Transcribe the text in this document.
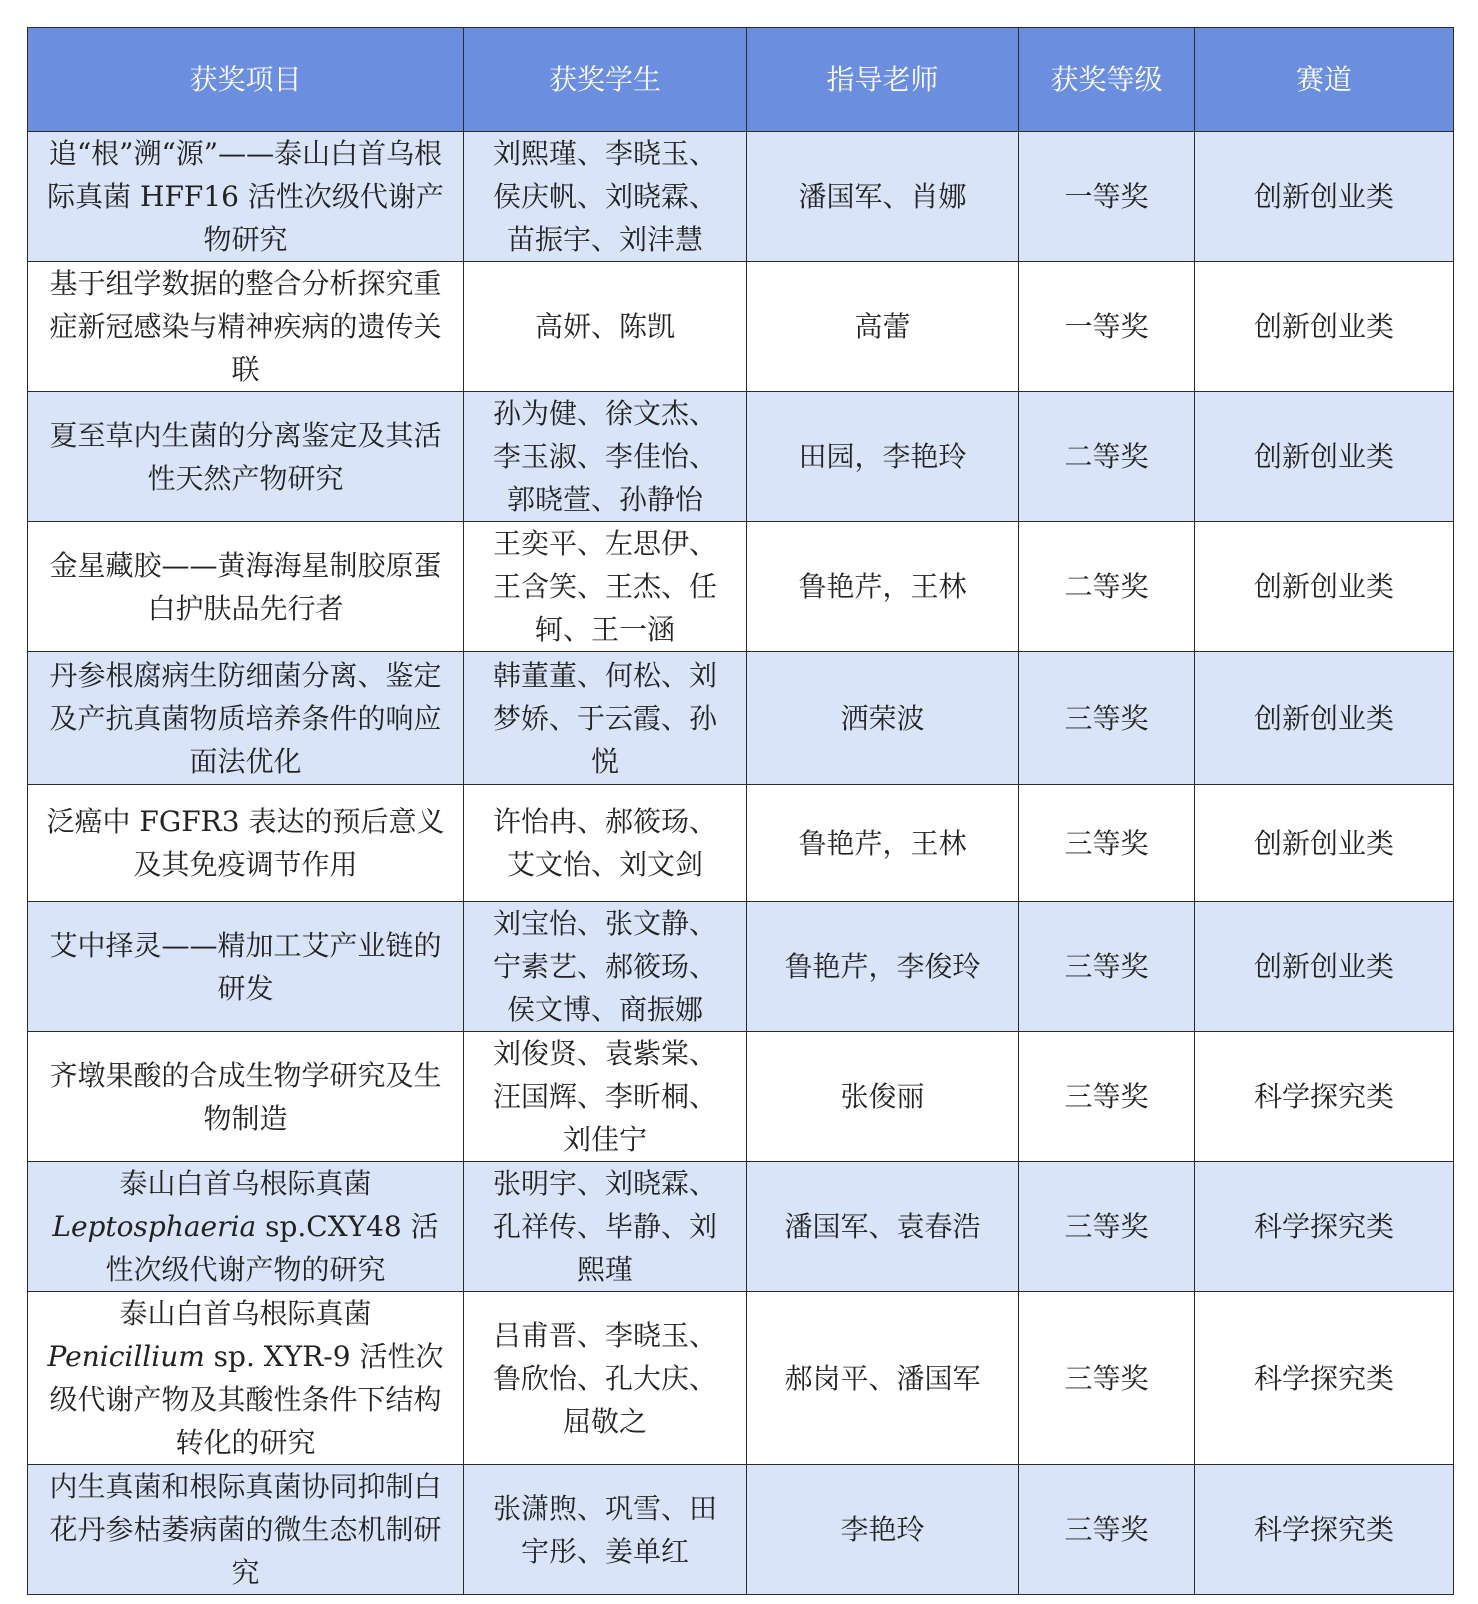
获奖项目	获奖学生	指导老师	获奖等级	赛道
追“根”溯“源”——泰山白首乌根际真菌 HFF16 活性次级代谢产物研究	刘熙瑾、李晓玉、侯庆帆、刘晓霖、苗振宇、刘沣慧	潘国军、肖娜	一等奖	创新创业类
基于组学数据的整合分析探究重症新冠感染与精神疾病的遗传关联	高妍、陈凯	高蕾	一等奖	创新创业类
夏至草内生菌的分离鉴定及其活性天然产物研究	孙为健、徐文杰、李玉淑、李佳怡、郭晓萱、孙静怡	田园，李艳玲	二等奖	创新创业类
金星藏胶——黄海海星制胶原蛋白护肤品先行者	王奕平、左思伊、王含笑、王杰、任轲、王一涵	鲁艳芹，王林	二等奖	创新创业类
丹参根腐病生防细菌分离、鉴定及产抗真菌物质培养条件的响应面法优化	韩董董、何松、刘梦娇、于云霞、孙悦	洒荣波	三等奖	创新创业类
泛癌中 FGFR3 表达的预后意义及其免疫调节作用	许怡冉、郝筱玚、艾文怡、刘文剑	鲁艳芹，王林	三等奖	创新创业类
艾中择灵——精加工艾产业链的研发	刘宝怡、张文静、宁素艺、郝筱玚、侯文博、商振娜	鲁艳芹，李俊玲	三等奖	创新创业类
齐墩果酸的合成生物学研究及生物制造	刘俊贤、袁紫棠、汪国辉、李昕桐、刘佳宁	张俊丽	三等奖	科学探究类
泰山白首乌根际真菌Leptosphaeria sp.CXY48 活性次级代谢产物的研究	张明宇、刘晓霖、孔祥传、毕静、刘熙瑾	潘国军、袁春浩	三等奖	科学探究类
泰山白首乌根际真菌 Penicillium sp. XYR-9 活性次级代谢产物及其酸性条件下结构转化的研究	吕甫晋、李晓玉、鲁欣怡、孔大庆、屈敬之	郝岗平、潘国军	三等奖	科学探究类
内生真菌和根际真菌协同抑制白花丹参枯萎病菌的微生态机制研究	张潇煦、巩雪、田宇彤、姜单红	李艳玲	三等奖	科学探究类
